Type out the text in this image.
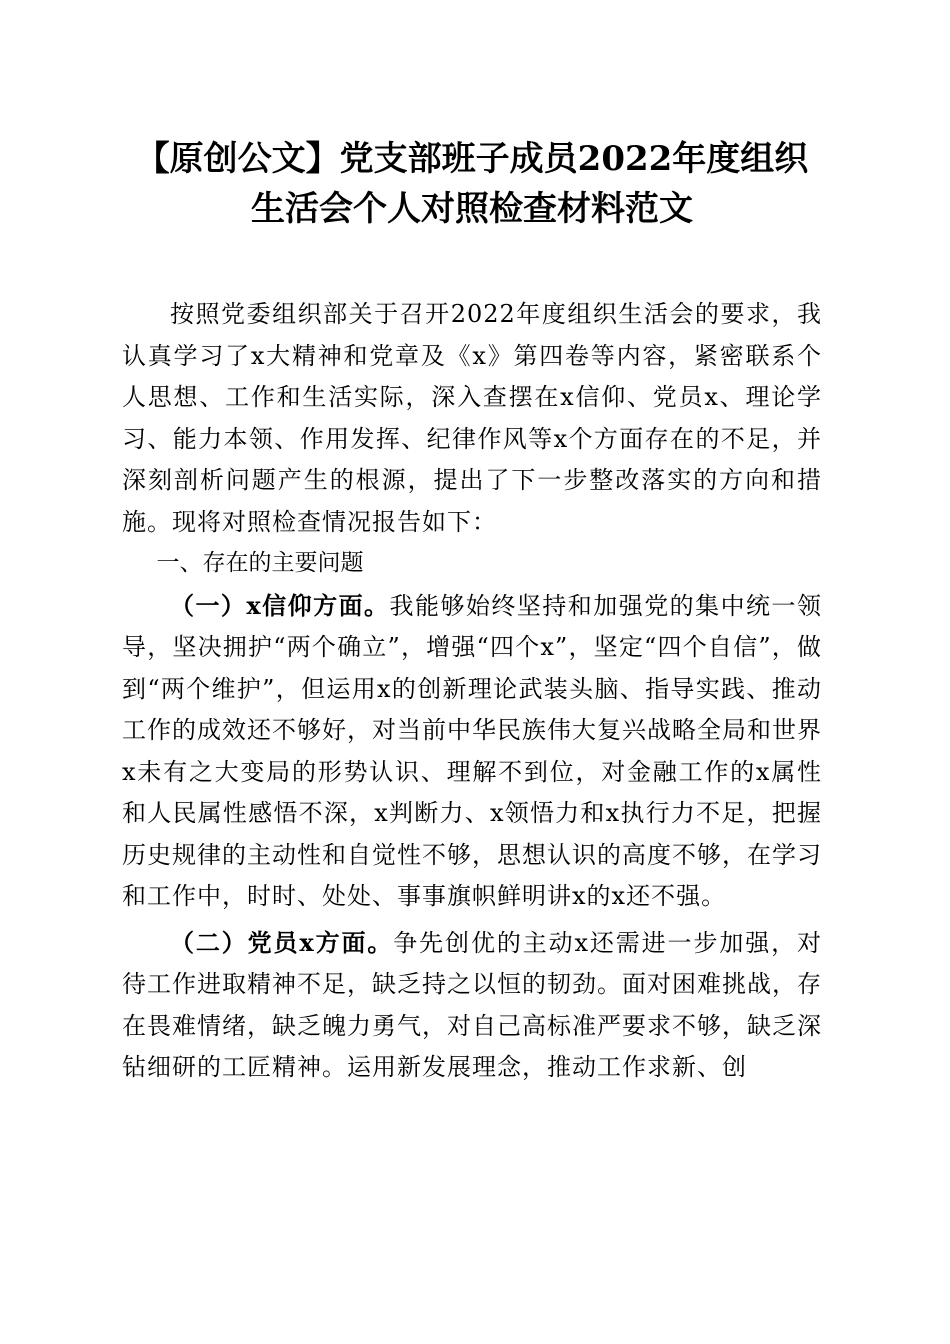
【原创公文】党支部班子成员2022年度组织
生活会个人对照检查材料范文

按照党委组织部关于召开2022年度组织生活会的要求，我认真学习了x大精神和党章及《x》第四卷等内容，紧密联系个人思想、工作和生活实际，深入查摆在x信仰、党员x、理论学习、能力本领、作用发挥、纪律作风等x个方面存在的不足，并深刻剖析问题产生的根源，提出了下一步整改落实的方向和措施。现将对照检查情况报告如下：

一、存在的主要问题

（一）x信仰方面。我能够始终坚持和加强党的集中统一领导，坚决拥护“两个确立”，增强“四个x”，坚定“四个自信”，做到“两个维护”，但运用x的创新理论武装头脑、指导实践、推动工作的成效还不够好，对当前中华民族伟大复兴战略全局和世界x未有之大变局的形势认识、理解不到位，对金融工作的x属性和人民属性感悟不深，x判断力、x领悟力和x执行力不足，把握历史规律的主动性和自觉性不够，思想认识的高度不够，在学习和工作中，时时、处处、事事旗帜鲜明讲x的x还不强。

（二）党员x方面。争先创优的主动x还需进一步加强，对待工作进取精神不足，缺乏持之以恒的韧劲。面对困难挑战，存在畏难情绪，缺乏魄力勇气，对自己高标准严要求不够，缺乏深钻细研的工匠精神。运用新发展理念，推动工作求新、创
